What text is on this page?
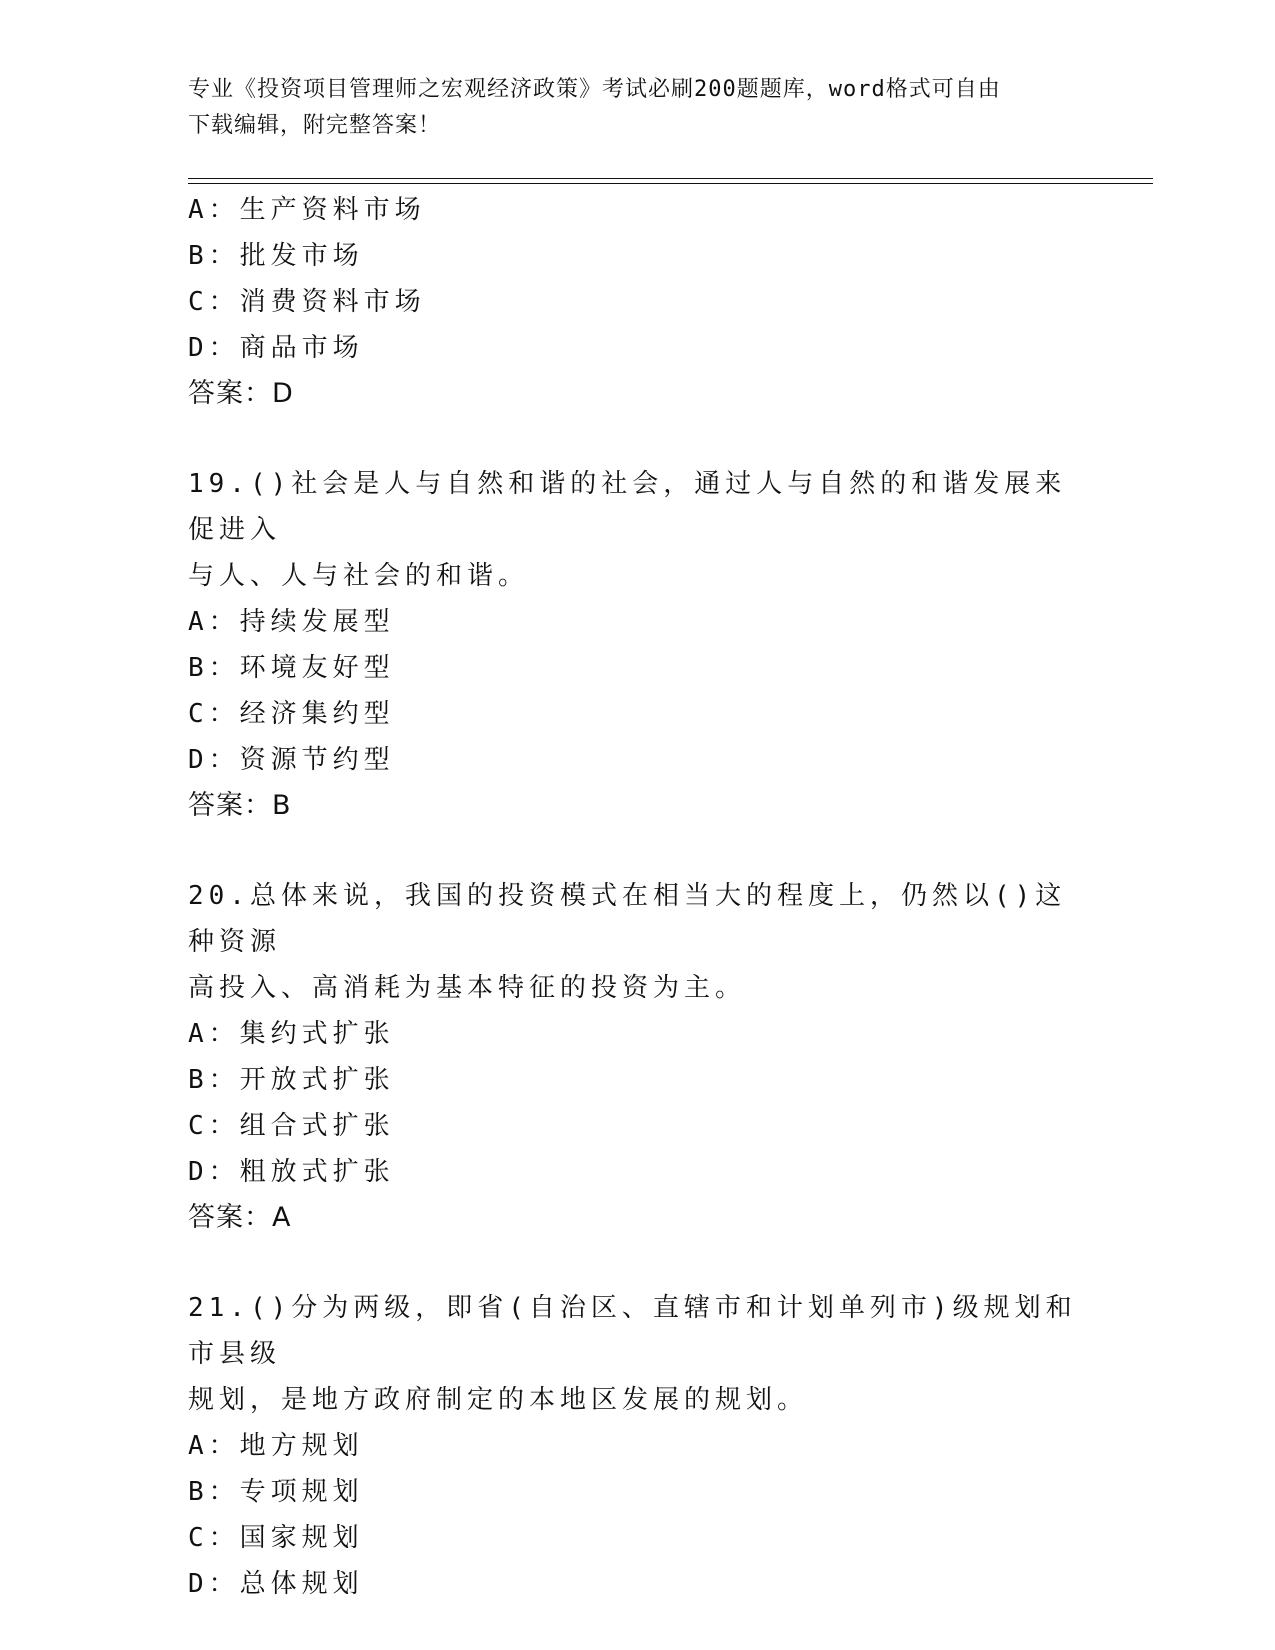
专业《投资项目管理师之宏观经济政策》考试必刷200题题库，word格式可自由
下载编辑，附完整答案！
A：生产资料市场
B：批发市场
C：消费资料市场
D：商品市场
答案：D
19.()社会是人与自然和谐的社会，通过人与自然的和谐发展来促进入
与人、人与社会的和谐。
A：持续发展型
B：环境友好型
C：经济集约型
D：资源节约型
答案：B
20.总体来说，我国的投资模式在相当大的程度上，仍然以()这种资源
高投入、高消耗为基本特征的投资为主。
A：集约式扩张
B：开放式扩张
C：组合式扩张
D：粗放式扩张
答案：A
21.()分为两级，即省(自治区、直辖市和计划单列市)级规划和市县级
规划，是地方政府制定的本地区发展的规划。
A：地方规划
B：专项规划
C：国家规划
D：总体规划
